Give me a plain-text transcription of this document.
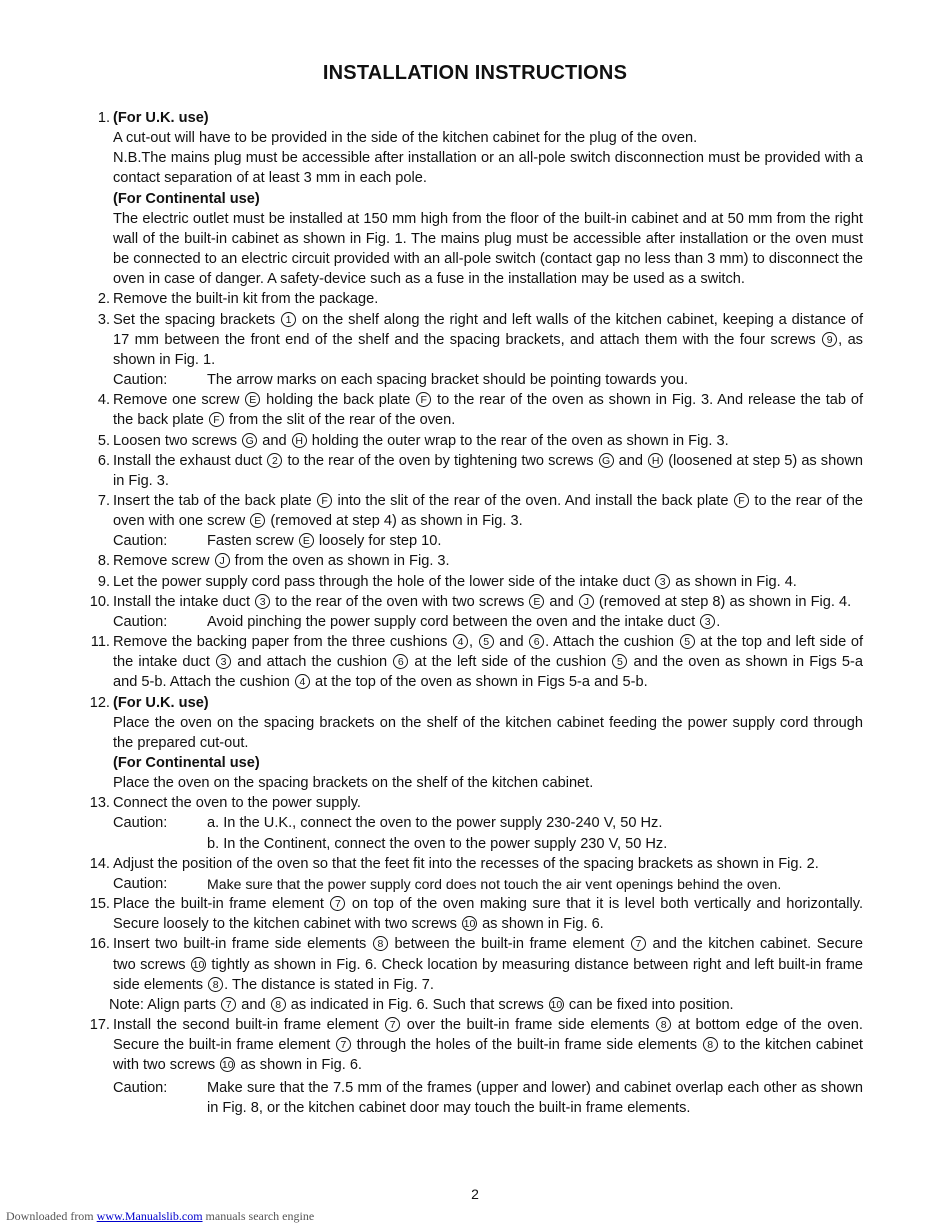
INSTALLATION INSTRUCTIONS
1. (For U.K. use)
A cut-out will have to be provided in the side of the kitchen cabinet for the plug of the oven.
N.B.The mains plug must be accessible after installation or an all-pole switch disconnection must be provided with a contact separation of at least 3 mm in each pole.
(For Continental use)
The electric outlet must be installed at 150 mm high from the floor of the built-in cabinet and at 50 mm from the right wall of the built-in cabinet as shown in Fig. 1. The mains plug must be accessible after installation or the oven must be connected to an electric circuit provided with an all-pole switch (contact gap no less than 3 mm) to disconnect the oven in case of danger. A safety-device such as a fuse in the installation may be used as a switch.
2. Remove the built-in kit from the package.
3. Set the spacing brackets 1 on the shelf along the right and left walls of the kitchen cabinet, keeping a distance of 17 mm between the front end of the shelf and the spacing brackets, and attach them with the four screws 9 , as shown in Fig. 1.
Caution:	The arrow marks on each spacing bracket should be pointing towards you.
4. Remove one screw E holding the back plate F to the rear of the oven as shown in Fig. 3. And release the tab of the back plate F from the slit of the rear of the oven.
5. Loosen two screws G and H holding the outer wrap to the rear of the oven as shown in Fig. 3.
6. Install the exhaust duct 2 to the rear of the oven by tightening two screws G and H (loosened at step 5) as shown in Fig. 3.
7. Insert the tab of the back plate F into the slit of the rear of the oven. And install the back plate F to the rear of the oven with one screw E (removed at step 4) as shown in Fig. 3.
Caution:	Fasten screw E loosely for step 10.
8. Remove screw J from the oven as shown in Fig. 3.
9. Let the power supply cord pass through the hole of the lower side of the intake duct 3 as shown in Fig. 4.
10. Install the intake duct 3 to the rear of the oven with two screws E and J (removed at step 8) as shown in Fig. 4.
Caution:	Avoid pinching the power supply cord between the oven and the intake duct 3 .
11. Remove the backing paper from the three cushions 4 , 5 and 6 . Attach the cushion 5 at the top and left side of the intake duct 3 and attach the cushion 6 at the left side of the cushion 5 and the oven as shown in Figs 5-a and 5-b. Attach the cushion 4 at the top of the oven as shown in Figs 5-a and 5-b.
12. (For U.K. use)
Place the oven on the spacing brackets on the shelf of the kitchen cabinet feeding the power supply cord through the prepared cut-out.
(For Continental use)
Place the oven on the spacing brackets on the shelf of the kitchen cabinet.
13. Connect the oven to the power supply.
Caution:	a. In the U.K., connect the oven to the power supply 230-240 V, 50 Hz.
b. In the Continent, connect the oven to the power supply 230 V, 50 Hz.
14. Adjust the position of the oven so that the feet fit into the recesses of the spacing brackets as shown in Fig. 2.
Caution:	Make sure that the power supply cord does not touch the air vent openings behind the oven.
15. Place the built-in frame element 7 on top of the oven making sure that it is level both vertically and horizontally. Secure loosely to the kitchen cabinet with two screws 10 as shown in Fig. 6.
16. Insert two built-in frame side elements 8 between the built-in frame element 7 and the kitchen cabinet. Secure two screws 10 tightly as shown in Fig. 6. Check location by measuring distance between right and left built-in frame side elements 8 . The distance is stated in Fig. 7.
Note: Align parts 7 and 8 as indicated in Fig. 6. Such that screws 10 can be fixed into position.
17. Install the second built-in frame element 7 over the built-in frame side elements 8 at bottom edge of the oven. Secure the built-in frame element 7 through the holes of the built-in frame side elements 8 to the kitchen cabinet with two screws 10 as shown in Fig. 6.
Caution:	Make sure that the 7.5 mm of the frames (upper and lower) and cabinet overlap each other as shown in Fig. 8, or the kitchen cabinet door may touch the built-in frame elements.
2
Downloaded from www.Manualslib.com manuals search engine
